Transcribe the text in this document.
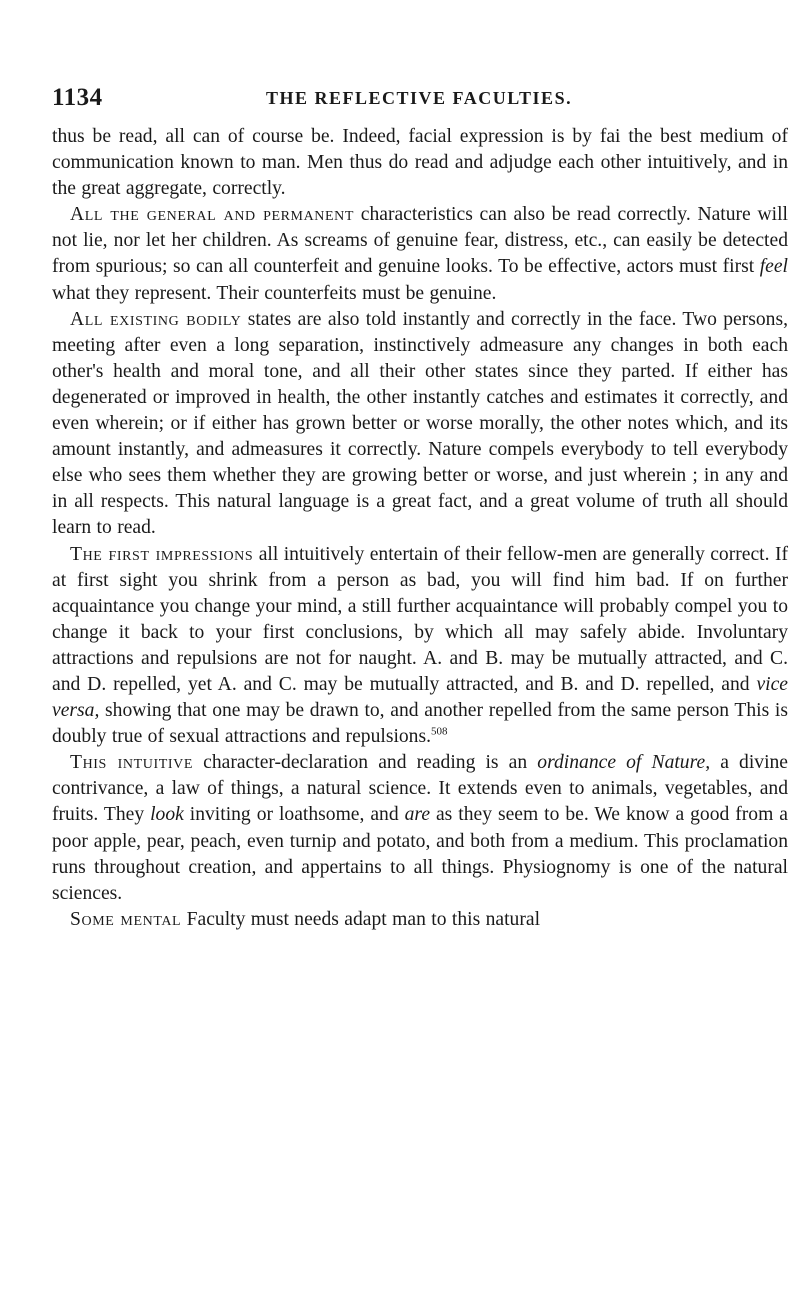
1134	THE REFLECTIVE FACULTIES.

thus be read, all can of course be. Indeed, facial expression is by fai the best medium of communication known to man. Men thus do read and adjudge each other intuitively, and in the great aggregate, correctly.

All the general and permanent characteristics can also be read correctly. Nature will not lie, nor let her children. As screams of genuine fear, distress, etc., can easily be detected from spurious; so can all counterfeit and genuine looks. To be effective, actors must first feel what they represent. Their counterfeits must be genuine.

All existing bodily states are also told instantly and correctly in the face. Two persons, meeting after even a long separation, instinctively admeasure any changes in both each other's health and moral tone, and all their other states since they parted. If either has degenerated or improved in health, the other instantly catches and estimates it correctly, and even wherein; or if either has grown better or worse morally, the other notes which, and its amount instantly, and admeasures it correctly. Nature compels everybody to tell everybody else who sees them whether they are growing better or worse, and just wherein ; in any and in all respects. This natural language is a great fact, and a great volume of truth all should learn to read.

The first impressions all intuitively entertain of their fellow-men are generally correct. If at first sight you shrink from a person as bad, you will find him bad. If on further acquaintance you change your mind, a still further acquaintance will probably compel you to change it back to your first conclusions, by which all may safely abide. Involuntary attractions and repulsions are not for naught. A. and B. may be mutually attracted, and C. and D. repelled, yet A. and C. may be mutually attracted, and B. and D. repelled, and vice versa, showing that one may be drawn to, and another repelled from the same person This is doubly true of sexual attractions and repulsions.$^{508}$

This intuitive character-declaration and reading is an ordinance of Nature, a divine contrivance, a law of things, a natural science. It extends even to animals, vegetables, and fruits. They look inviting or loathsome, and are as they seem to be. We know a good from a poor apple, pear, peach, even turnip and potato, and both from a medium. This proclamation runs throughout creation, and appertains to all things. Physiognomy is one of the natural sciences.

Some mental Faculty must needs adapt man to this natural
